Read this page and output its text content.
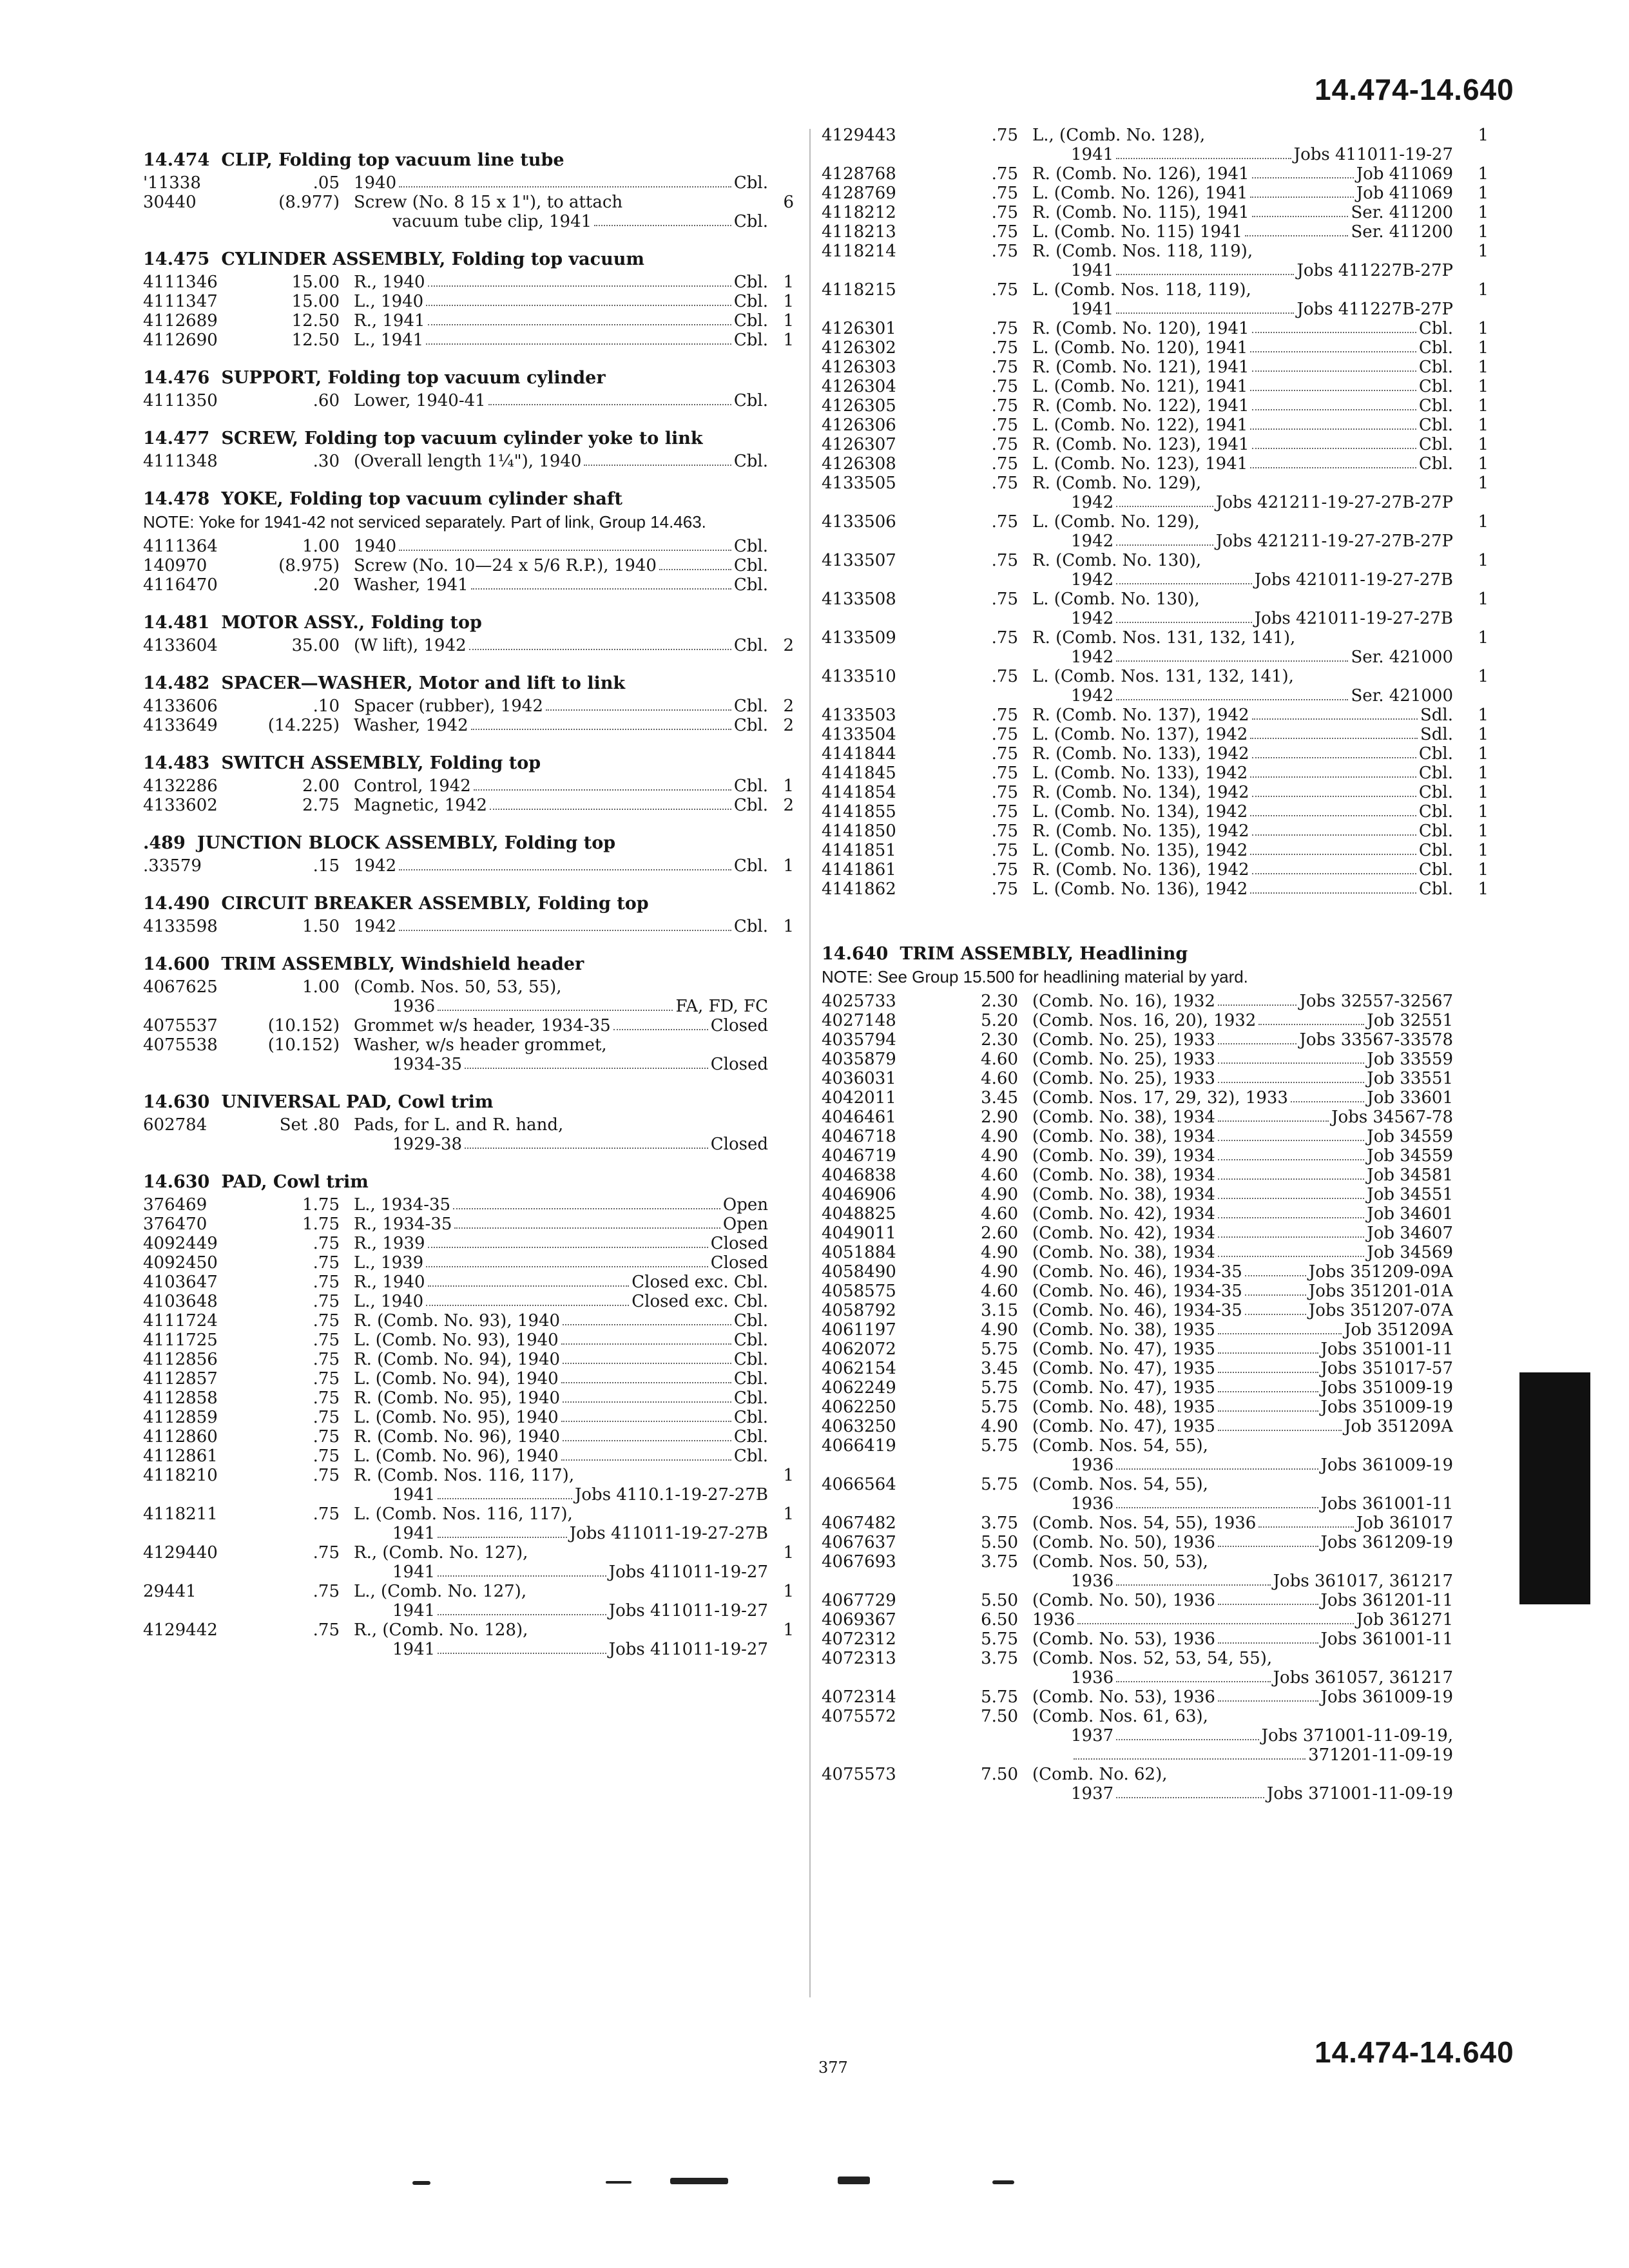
14.474-14.640
14.474 CLIP, Folding top vacuum line tube
'11338	.05 1940	Cbl.
30440	(8.977) Screw (No. 8 15 x 1"), to attach
vacuum tube clip, 1941	Cbl.
6
14.475 CYLINDER ASSEMBLY, Folding top vacuum
4111346	15.00 R., 1940	Cbl. 1
4111347	15.00 L., 1940	Cbl. 1
4112689	12.50 R., 1941	Cbl. 1
4112690	12.50 L., 1941	Cbl. 1
14.476 SUPPORT, Folding top vacuum cylinder
4111350	.60 Lower, 1940-41	Cbl.
14.477 SCREW, Folding top vacuum cylinder yoke to link
4111348	.30 (Overall length 1¼"), 1940	Cbl.
14.478 YOKE, Folding top vacuum cylinder shaft
NOTE: Yoke for 1941-42 not serviced separately. Part of link, Group 14.463.
4111364	1.00 1940	Cbl.
140970	(8.975) Screw (No. 10—24 x 5/6 R.P.), 1940	Cbl.
4116470	.20 Washer, 1941	Cbl.
14.481 MOTOR ASSY., Folding top
4133604	35.00 (W lift), 1942	Cbl. 2
14.482 SPACER—WASHER, Motor and lift to link
4133606	.10 Spacer (rubber), 1942	Cbl. 2
4133649	(14.225) Washer, 1942	Cbl. 2
14.483 SWITCH ASSEMBLY, Folding top
4132286	2.00 Control, 1942	Cbl. 1
4133602	2.75 Magnetic, 1942	Cbl. 2
.489 JUNCTION BLOCK ASSEMBLY, Folding top
.33579	.15 1942	Cbl. 1
14.490 CIRCUIT BREAKER ASSEMBLY, Folding top
4133598	1.50 1942	Cbl. 1
14.600 TRIM ASSEMBLY, Windshield header
4067625	1.00 (Comb. Nos. 50, 53, 55),
1936	FA, FD, FC
4075537	(10.152) Grommet w/s header, 1934-35	Closed
4075538	(10.152) Washer, w/s header grommet,
1934-35	Closed
14.630 UNIVERSAL PAD, Cowl trim
602784	Set .80 Pads, for L. and R. hand,
1929-38	Closed
14.630 PAD, Cowl trim
376469	1.75 L., 1934-35	Open
376470	1.75 R., 1934-35	Open
4092449	.75 R., 1939	Closed
4092450	.75 L., 1939	Closed
4103647	.75 R., 1940	Closed exc. Cbl.
4103648	.75 L., 1940	Closed exc. Cbl.
4111724	.75 R. (Comb. No. 93), 1940	Cbl.
4111725	.75 L. (Comb. No. 93), 1940	Cbl.
4112856	.75 R. (Comb. No. 94), 1940	Cbl.
4112857	.75 L. (Comb. No. 94), 1940	Cbl.
4112858	.75 R. (Comb. No. 95), 1940	Cbl.
4112859	.75 L. (Comb. No. 95), 1940	Cbl.
4112860	.75 R. (Comb. No. 96), 1940	Cbl.
4112861	.75 L. (Comb. No. 96), 1940	Cbl.
4118210	.75 R. (Comb. Nos. 116, 117),
1941	Jobs 4110.1-19-27-27B
1
4118211	.75 L. (Comb. Nos. 116, 117),
1941	Jobs 411011-19-27-27B
1
4129440	.75 R., (Comb. No. 127),
1941	Jobs 411011-19-27
1
29441	.75 L., (Comb. No. 127),
1941	Jobs 411011-19-27
1
4129442	.75 R., (Comb. No. 128),
1941	Jobs 411011-19-27
1
4129443	.75 L., (Comb. No. 128),
1941	Jobs 411011-19-27
1
4128768	.75 R. (Comb. No. 126), 1941	Job 411069	1
4128769	.75 L. (Comb. No. 126), 1941	Job 411069	1
4118212	.75 R. (Comb. No. 115), 1941	Ser. 411200	1
4118213	.75 L. (Comb. No. 115) 1941	Ser. 411200	1
4118214	.75 R. (Comb. Nos. 118, 119),
1941	Jobs 411227B-27P
1
4118215	.75 L. (Comb. Nos. 118, 119),
1941	Jobs 411227B-27P
1
4126301	.75 R. (Comb. No. 120), 1941	Cbl.	1
4126302	.75 L. (Comb. No. 120), 1941	Cbl.	1
4126303	.75 R. (Comb. No. 121), 1941	Cbl.	1
4126304	.75 L. (Comb. No. 121), 1941	Cbl.	1
4126305	.75 R. (Comb. No. 122), 1941	Cbl.	1
4126306	.75 L. (Comb. No. 122), 1941	Cbl.	1
4126307	.75 R. (Comb. No. 123), 1941	Cbl.	1
4126308	.75 L. (Comb. No. 123), 1941	Cbl.	1
4133505	.75 R. (Comb. No. 129),
1942	Jobs 421211-19-27-27B-27P
1
4133506	.75 L. (Comb. No. 129),
1942	Jobs 421211-19-27-27B-27P
1
4133507	.75 R. (Comb. No. 130),
1942	Jobs 421011-19-27-27B
1
4133508	.75 L. (Comb. No. 130),
1942	Jobs 421011-19-27-27B
1
4133509	.75 R. (Comb. Nos. 131, 132, 141),
1942	Ser. 421000
1
4133510	.75 L. (Comb. Nos. 131, 132, 141),
1942	Ser. 421000
1
4133503	.75 R. (Comb. No. 137), 1942	Sdl.	1
4133504	.75 L. (Comb. No. 137), 1942	Sdl.	1
4141844	.75 R. (Comb. No. 133), 1942	Cbl.	1
4141845	.75 L. (Comb. No. 133), 1942	Cbl.	1
4141854	.75 R. (Comb. No. 134), 1942	Cbl.	1
4141855	.75 L. (Comb. No. 134), 1942	Cbl.	1
4141850	.75 R. (Comb. No. 135), 1942	Cbl.	1
4141851	.75 L. (Comb. No. 135), 1942	Cbl.	1
4141861	.75 R. (Comb. No. 136), 1942	Cbl.	1
4141862	.75 L. (Comb. No. 136), 1942	Cbl.	1
14.640 TRIM ASSEMBLY, Headlining
NOTE: See Group 15.500 for headlining material by yard.
4025733	2.30 (Comb. No. 16), 1932	Jobs 32557-32567
4027148	5.20 (Comb. Nos. 16, 20), 1932	Job 32551
4035794	2.30 (Comb. No. 25), 1933	Jobs 33567-33578
4035879	4.60 (Comb. No. 25), 1933	Job 33559
4036031	4.60 (Comb. No. 25), 1933	Job 33551
4042011	3.45 (Comb. Nos. 17, 29, 32), 1933	Job 33601
4046461	2.90 (Comb. No. 38), 1934	Jobs 34567-78
4046718	4.90 (Comb. No. 38), 1934	Job 34559
4046719	4.90 (Comb. No. 39), 1934	Job 34559
4046838	4.60 (Comb. No. 38), 1934	Job 34581
4046906	4.90 (Comb. No. 38), 1934	Job 34551
4048825	4.60 (Comb. No. 42), 1934	Job 34601
4049011	2.60 (Comb. No. 42), 1934	Job 34607
4051884	4.90 (Comb. No. 38), 1934	Job 34569
4058490	4.90 (Comb. No. 46), 1934-35	Jobs 351209-09A
4058575	4.60 (Comb. No. 46), 1934-35	Jobs 351201-01A
4058792	3.15 (Comb. No. 46), 1934-35	Jobs 351207-07A
4061197	4.90 (Comb. No. 38), 1935	Job 351209A
4062072	5.75 (Comb. No. 47), 1935	Jobs 351001-11
4062154	3.45 (Comb. No. 47), 1935	Jobs 351017-57
4062249	5.75 (Comb. No. 47), 1935	Jobs 351009-19
4062250	5.75 (Comb. No. 48), 1935	Jobs 351009-19
4063250	4.90 (Comb. No. 47), 1935	Job 351209A
4066419	5.75 (Comb. Nos. 54, 55),
1936	Jobs 361009-19
4066564	5.75 (Comb. Nos. 54, 55),
1936	Jobs 361001-11
4067482	3.75 (Comb. Nos. 54, 55), 1936	Job 361017
4067637	5.50 (Comb. No. 50), 1936	Jobs 361209-19
4067693	3.75 (Comb. Nos. 50, 53),
1936	Jobs 361017, 361217
4067729	5.50 (Comb. No. 50), 1936	Jobs 361201-11
4069367	6.50 1936	Job 361271
4072312	5.75 (Comb. No. 53), 1936	Jobs 361001-11
4072313	3.75 (Comb. Nos. 52, 53, 54, 55),
1936	Jobs 361057, 361217
4072314	5.75 (Comb. No. 53), 1936	Jobs 361009-19
4075572	7.50 (Comb. Nos. 61, 63),
1937	Jobs 371001-11-09-19,
371201-11-09-19
4075573	7.50 (Comb. No. 62),
1937	Jobs 371001-11-09-19
377	14.474-14.640
